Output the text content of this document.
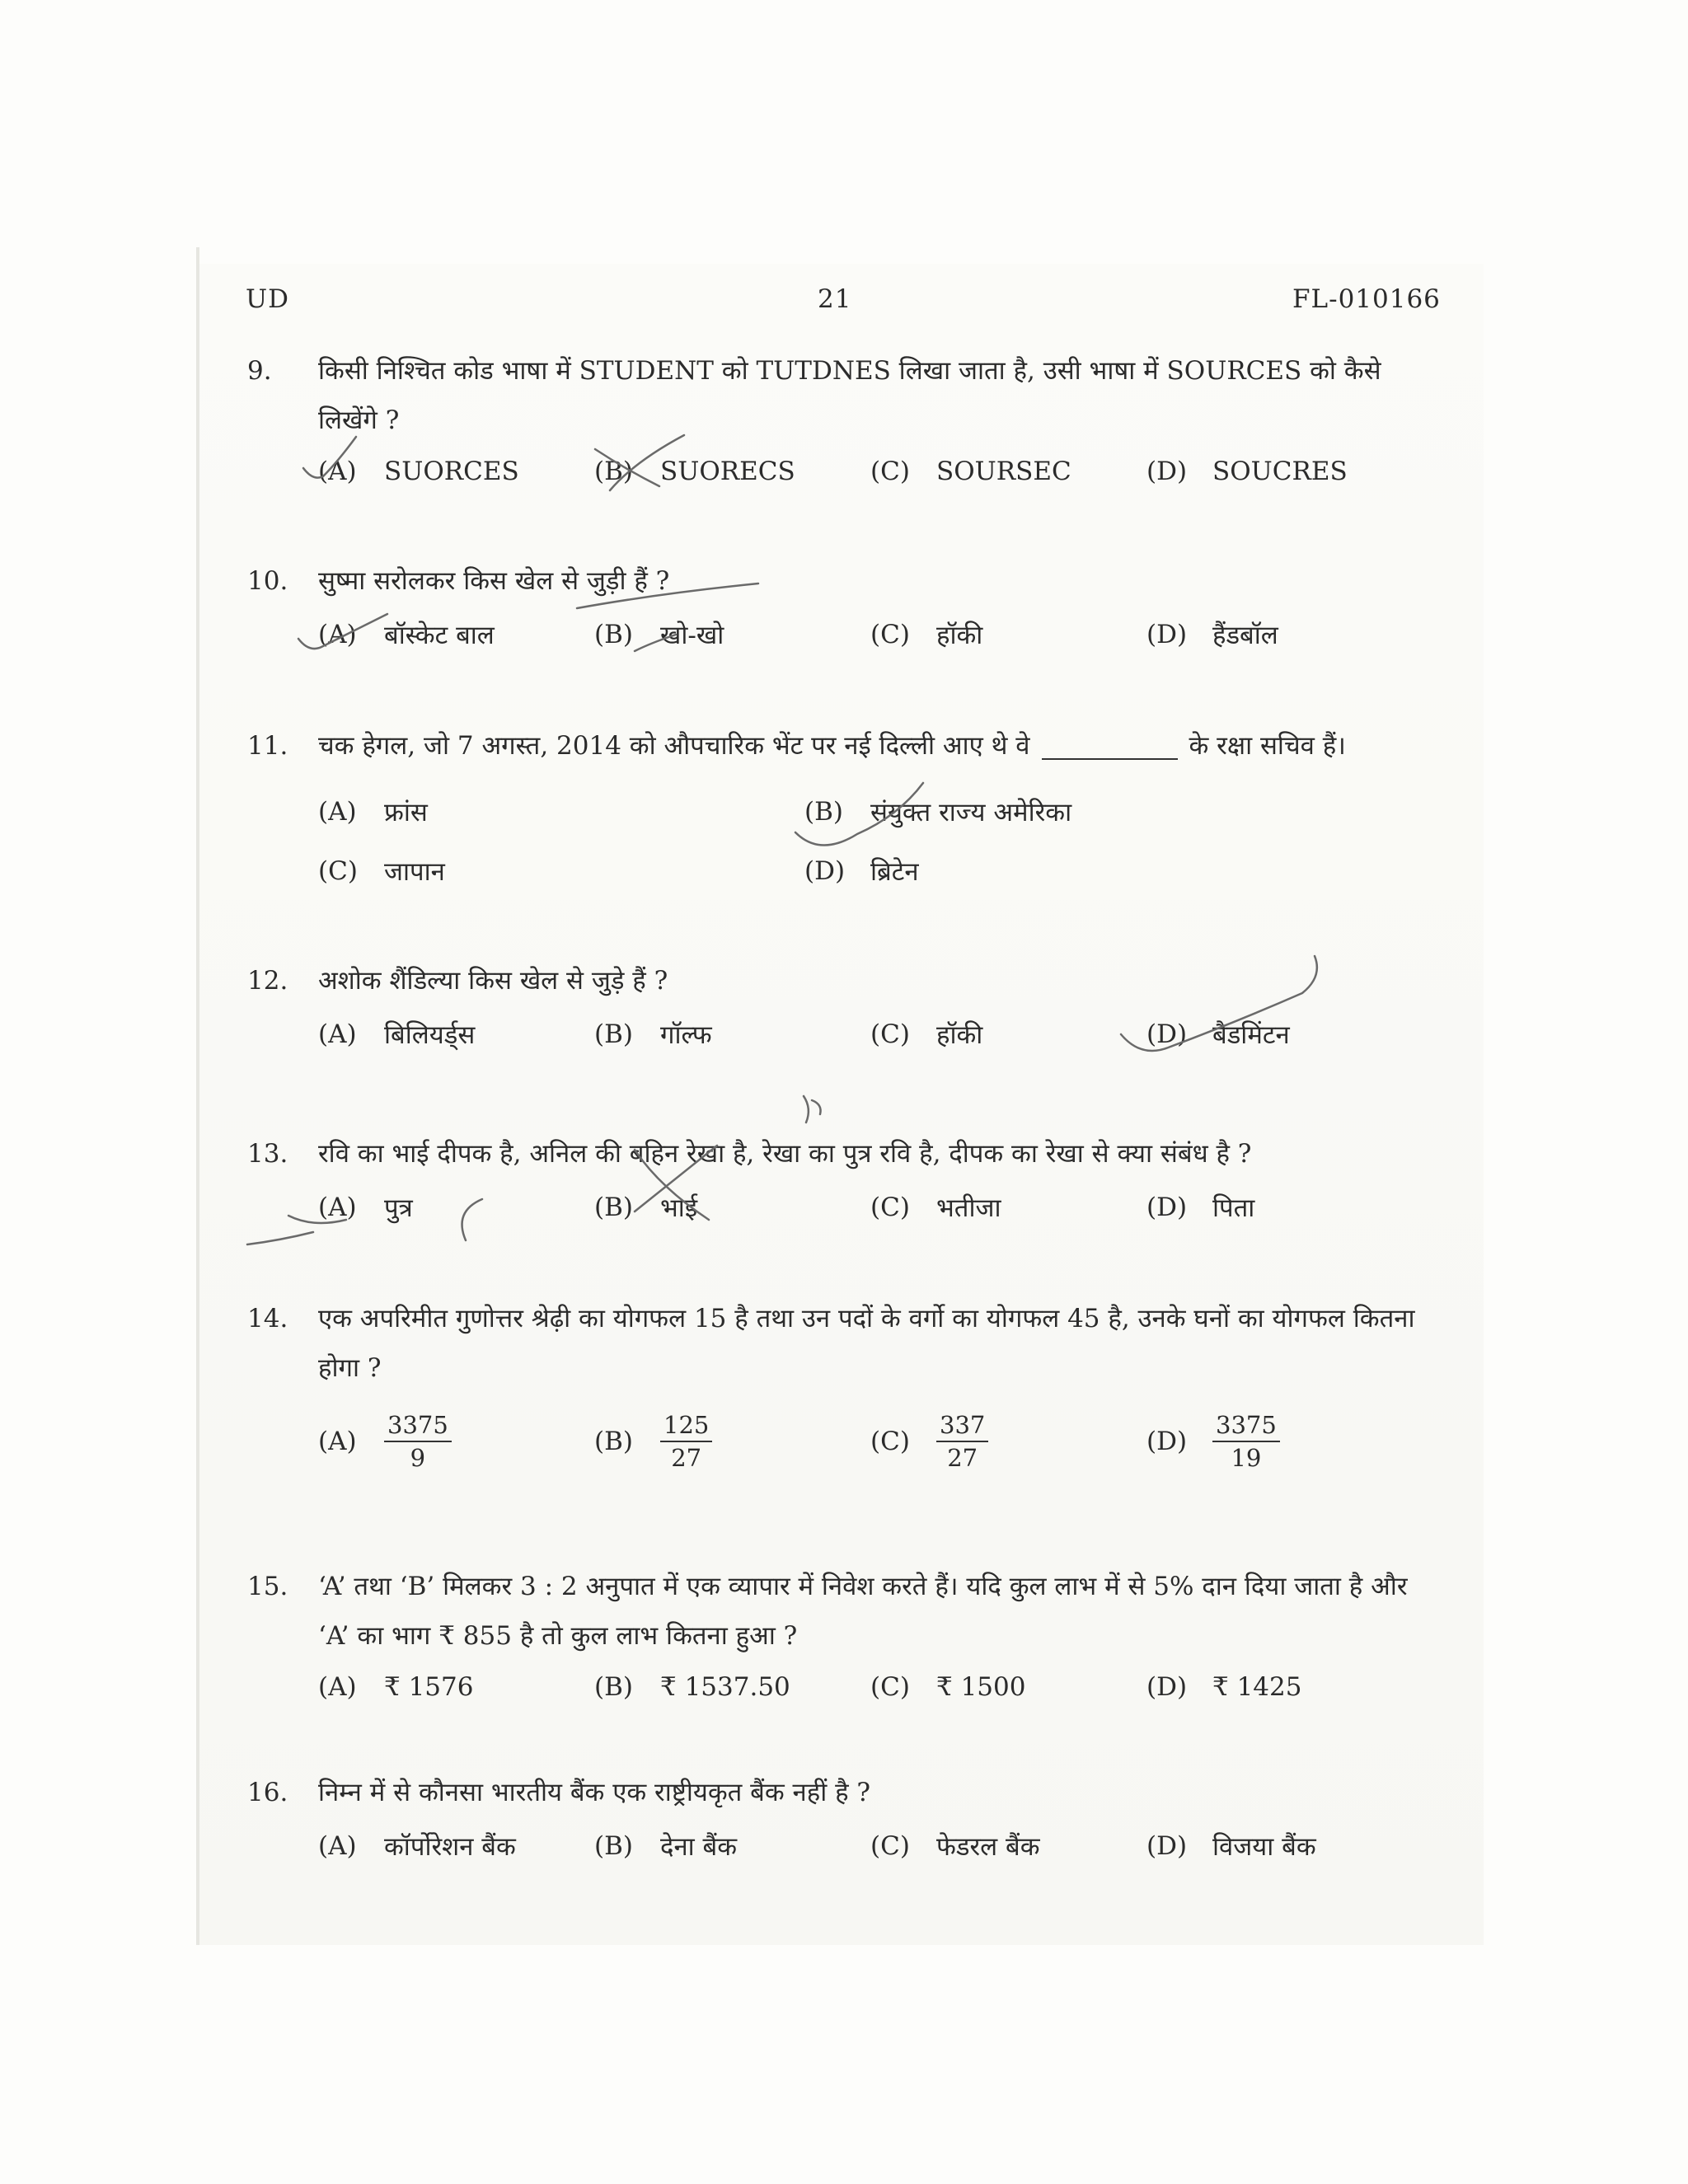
UD	21	FL-010166
9.	किसी निश्चित कोड भाषा में STUDENT को TUTDNES लिखा जाता है, उसी भाषा में SOURCES को कैसे लिखेंगे ?
(A)	SUORCES	(B)	SUORECS	(C)	SOURSEC	(D) SOUCRES
10.	सुष्मा सरोलकर किस खेल से जुड़ी हैं ?
(A)	बॉस्केट बाल	(B)	खो-खो	(C)	हॉकी	(D) हैंडबॉल
11.	चक हेगल, जो 7 अगस्त, 2014 को औपचारिक भेंट पर नई दिल्ली आए थे वे	के रक्षा सचिव हैं।
(A)	फ्रांस	(B)	संयुक्त राज्य अमेरिका
(C)	जापान	(D) ब्रिटेन
12.	अशोक शैंडिल्या किस खेल से जुड़े हैं ?
(A)	बिलियर्ड्स	(B)	गॉल्फ	(C)	हॉकी	(D) बैडमिंटन
13.	रवि का भाई दीपक है, अनिल की बहिन रेखा है, रेखा का पुत्र रवि है, दीपक का रेखा से क्या संबंध है ?
(A)	पुत्र	(B)	भाई	(C)	भतीजा	(D) पिता
14.	एक अपरिमीत गुणोत्तर श्रेढ़ी का योगफल 15 है तथा उन पदों के वर्गो का योगफल 45 है, उनके घनों का योगफल कितना होगा ?
(A)	$\frac{3375}{9}$	(B)	$\frac{125}{27}$	(C)	$\frac{337}{27}$	(D)	$\frac{3375}{19}$
15.	‘A’ तथा ‘B’ मिलकर 3 : 2 अनुपात में एक व्यापार में निवेश करते हैं। यदि कुल लाभ में से 5% दान दिया जाता है और ‘A’ का भाग ₹ 855 है तो कुल लाभ कितना हुआ ?
(A)	₹ 1576	(B)	₹ 1537.50	(C)	₹ 1500	(D) ₹ 1425
16.	निम्न में से कौनसा भारतीय बैंक एक राष्ट्रीयकृत बैंक नहीं है ?
(A)	कॉर्पोरेशन बैंक	(B)	देना बैंक	(C)	फेडरल बैंक	(D) विजया बैंक
